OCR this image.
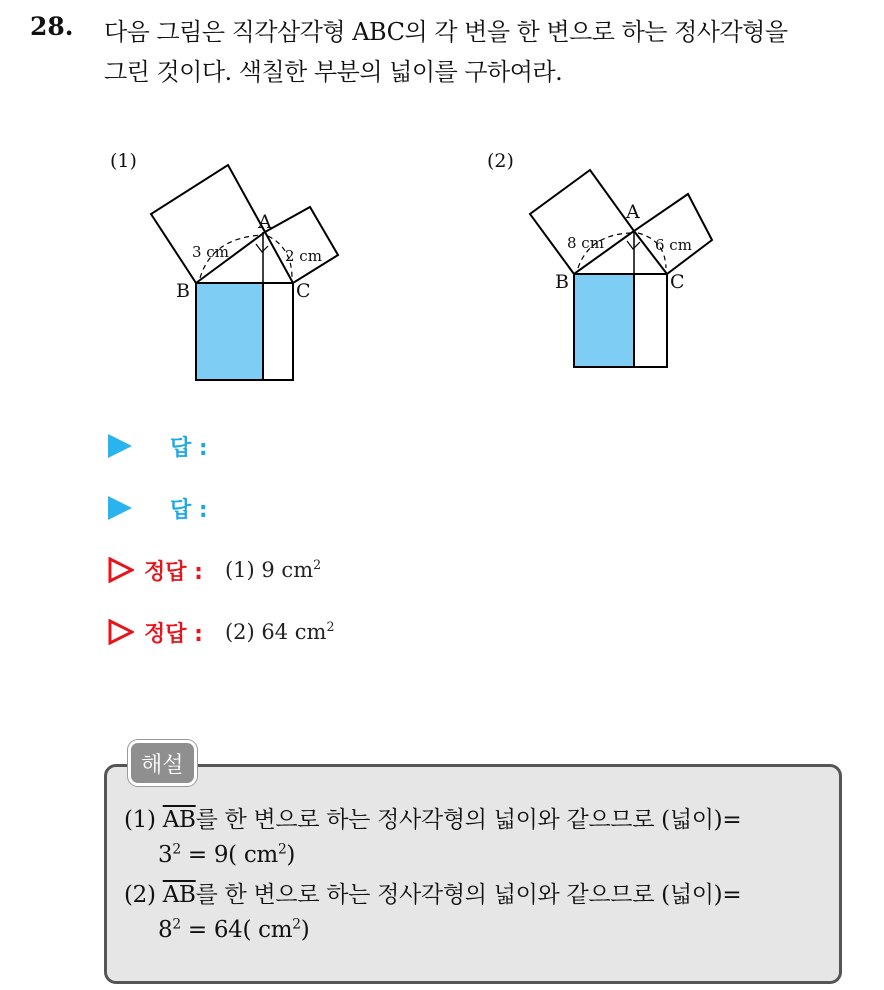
28. 다음 그림은 직각삼각형 ABC의 각 변을 한 변으로 하는 정사각형을
그린 것이다. 색칠한 부분의 넓이를 구하여라.
(1)	(2)
A
B	C
3 cm	2 cm
A
B	C
8 cm	6 cm
답 :
답 :
정답 : (1) 9 $cm^2$
정답 : (2) 64 $cm^2$
해설
(1) $\overline{AB}$를 한 변으로 하는 정사각형의 넓이와 같으므로 (넓이)=
$3^2 = 9$( $cm^2$)
(2) $\overline{AB}$를 한 변으로 하는 정사각형의 넓이와 같으므로 (넓이)=
$8^2 = 64$( $cm^2$)
